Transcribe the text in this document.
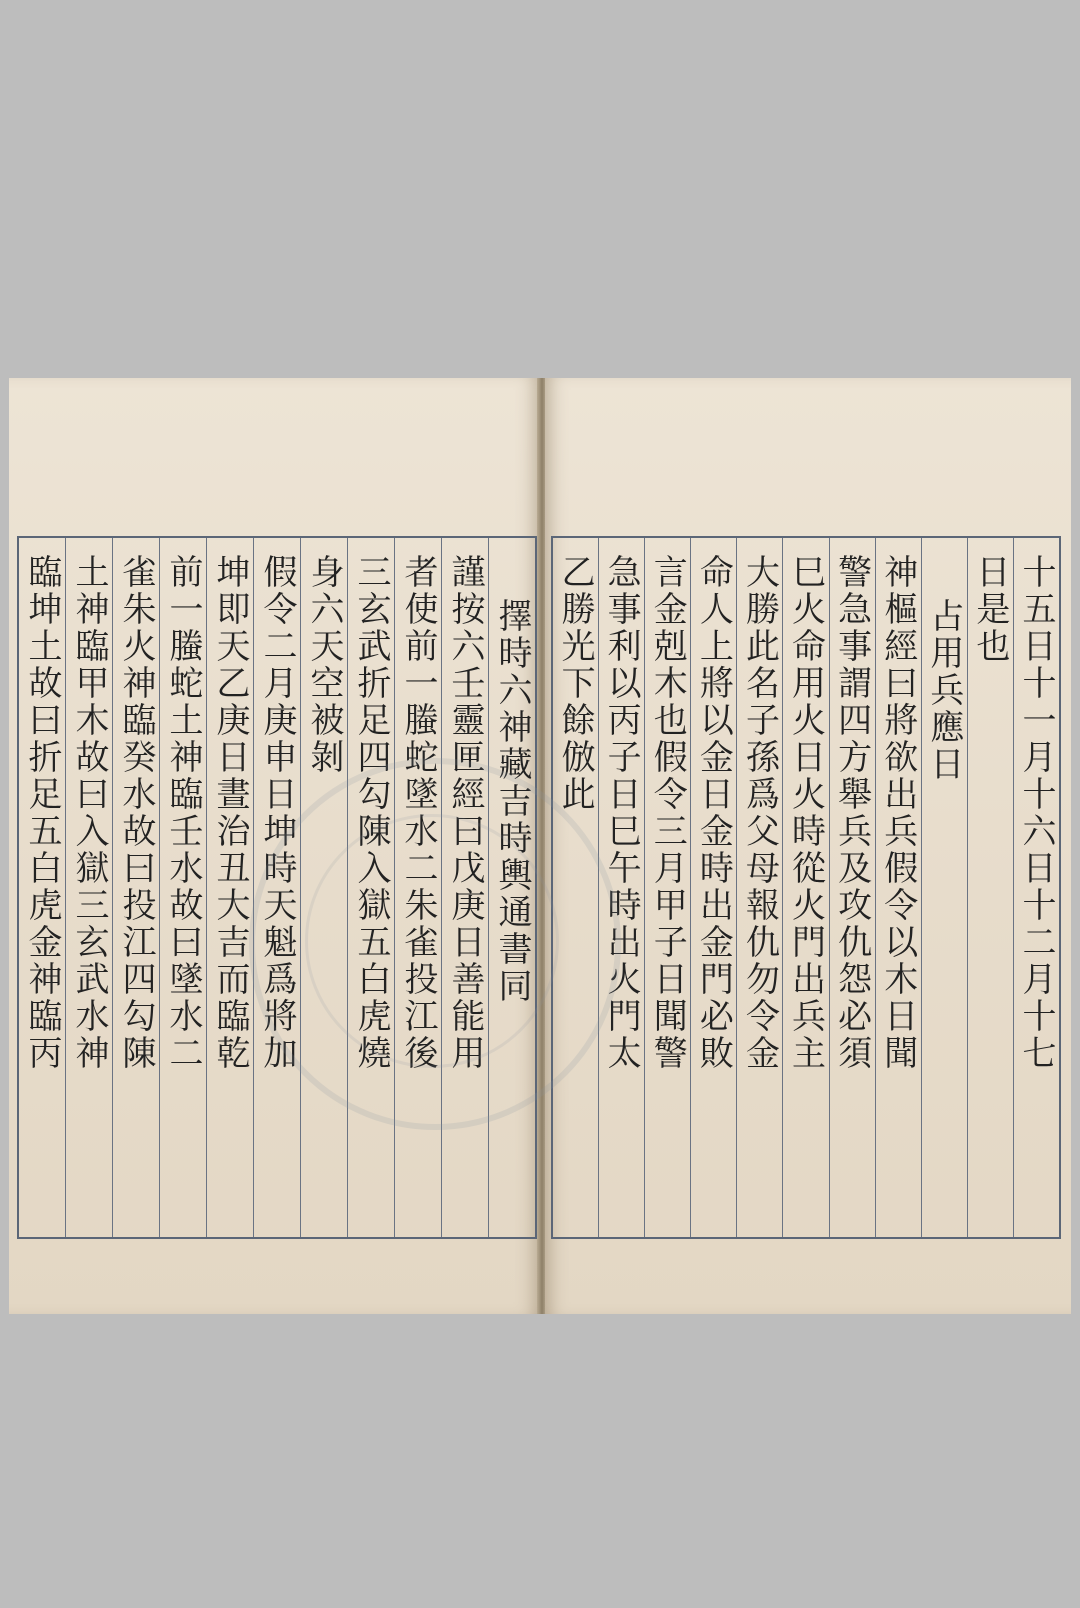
擇時六神藏吉時輿通書同
謹按六壬靈匣經曰戊庚日善能用
者使前一螣蛇墜水二朱雀投江後
三玄武折足四勾陳入獄五白虎燒
身六天空被剝
假令二月庚申日坤時天魁爲將加
坤即天乙庚日晝治丑大吉而臨乾
前一螣蛇土神臨壬水故曰墜水二
雀朱火神臨癸水故曰投江四勾陳
土神臨甲木故曰入獄三玄武水神
臨坤土故曰折足五白虎金神臨丙	十五日十一月十六日十二月十七
日是也
占用兵應日
神樞經曰將欲出兵假令以木日聞
警急事謂四方舉兵及攻仇怨必須
巳火命用火日火時從火門出兵主
大勝此名子孫爲父母報仇勿令金
命人上將以金日金時出金門必敗
言金剋木也假令三月甲子日聞警
急事利以丙子日巳午時出火門太
乙勝光下餘倣此
